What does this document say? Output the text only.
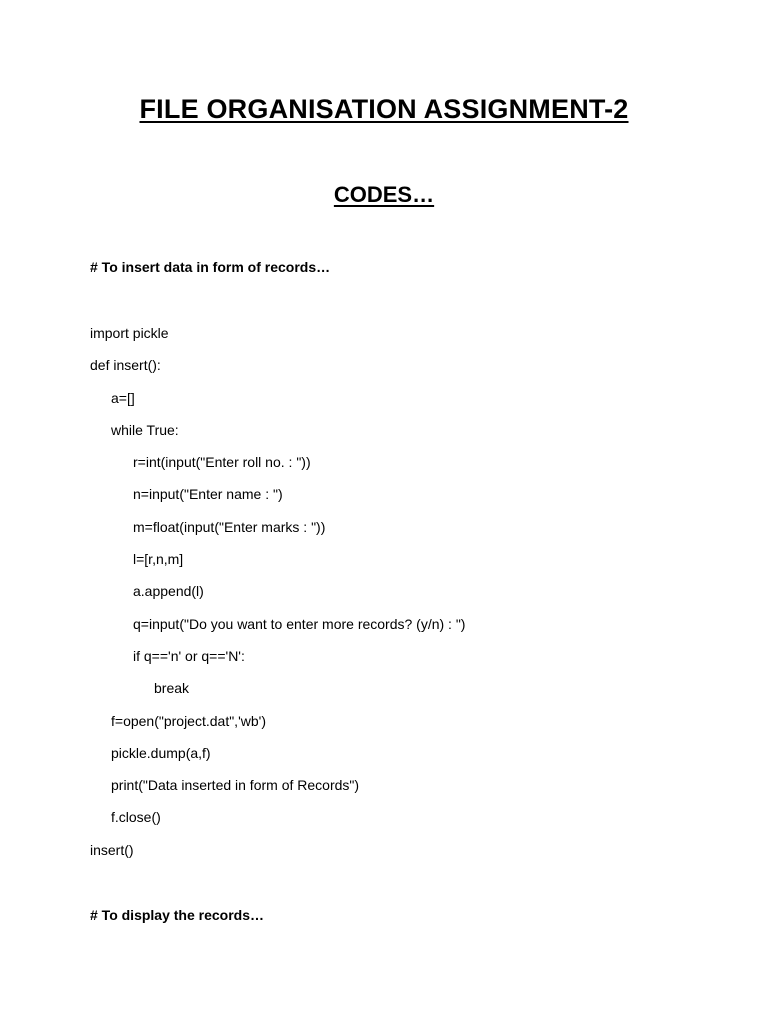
FILE ORGANISATION ASSIGNMENT-2
CODES…

# To insert data in form of records…

import pickle
def insert():
a=[]
while True:
r=int(input("Enter roll no. : "))
n=input("Enter name : ")
m=float(input("Enter marks : "))
l=[r,n,m]
a.append(l)
q=input("Do you want to enter more records? (y/n) : ")
if q=='n' or q=='N':
break
f=open("project.dat",'wb')
pickle.dump(a,f)
print("Data inserted in form of Records")
f.close()
insert()

# To display the records…
